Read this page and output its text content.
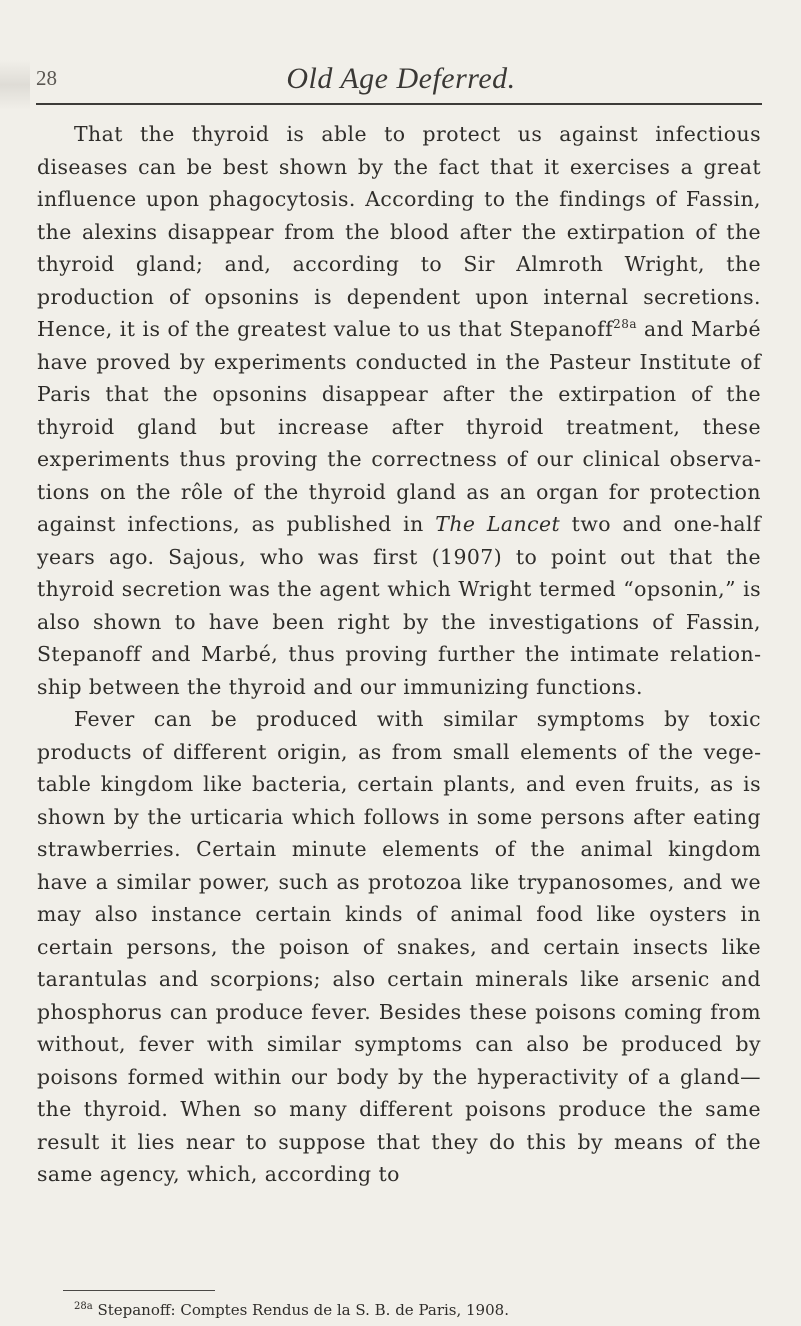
28	Old Age Deferred.

That the thyroid is able to protect us against infectious diseases can be best shown by the fact that it exercises a great influence upon phagocytosis. According to the findings of Fassin, the alexins disappear from the blood after the extirpation of the thyroid gland; and, according to Sir Almroth Wright, the production of opsonins is dependent upon internal secretions. Hence, it is of the greatest value to us that Stepanoff$^{28a}$ and Marbé have proved by experiments conducted in the Pasteur Institute of Paris that the opsonins disappear after the extirpation of the thyroid gland but increase after thyroid treatment, these experiments thus proving the correctness of our clinical observations on the rôle of the thyroid gland as an organ for protection against infections, as published in The Lancet two and one-half years ago. Sajous, who was first (1907) to point out that the thyroid secretion was the agent which Wright termed “opsonin,” is also shown to have been right by the investigations of Fassin, Stepanoff and Marbé, thus proving further the intimate relationship between the thyroid and our immunizing functions.

Fever can be produced with similar symptoms by toxic products of different origin, as from small elements of the vegetable kingdom like bacteria, certain plants, and even fruits, as is shown by the urticaria which follows in some persons after eating strawberries. Certain minute elements of the animal kingdom have a similar power, such as protozoa like trypanosomes, and we may also instance certain kinds of animal food like oysters in certain persons, the poison of snakes, and certain insects like tarantulas and scorpions; also certain minerals like arsenic and phosphorus can produce fever. Besides these poisons coming from without, fever with similar symptoms can also be produced by poisons formed within our body by the hyperactivity of a gland—the thyroid. When so many different poisons produce the same result it lies near to suppose that they do this by means of the same agency, which, according to

$^{28a}$ Stepanoff: Comptes Rendus de la S. B. de Paris, 1908.
